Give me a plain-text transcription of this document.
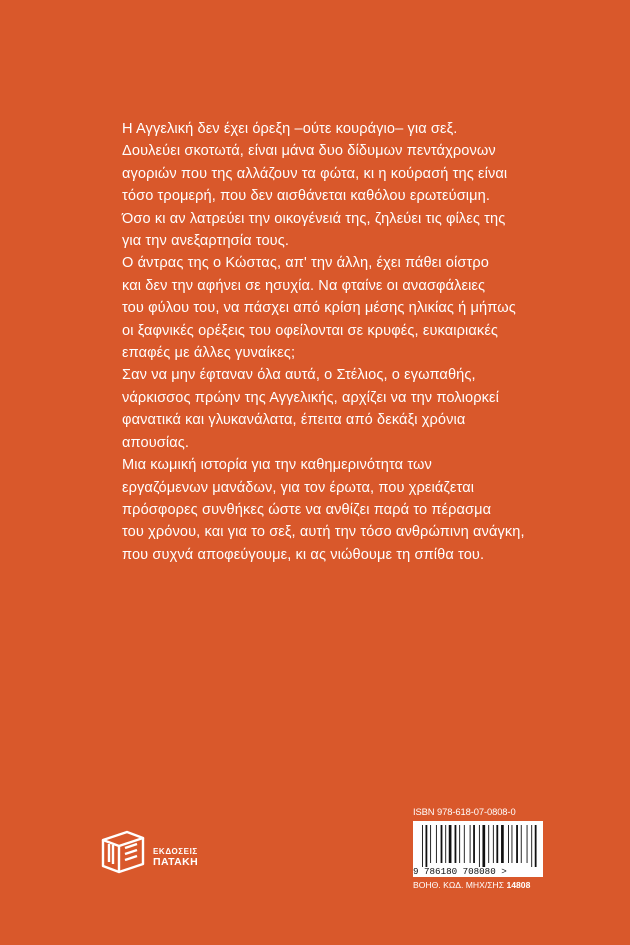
Η Αγγελική δεν έχει όρεξη –ούτε κουράγιο– για σεξ.
Δουλεύει σκοτωτά, είναι μάνα δυο δίδυμων πεντάχρονων
αγοριών που της αλλάζουν τα φώτα, κι η κούρασή της είναι
τόσο τρομερή, που δεν αισθάνεται καθόλου ερωτεύσιμη.
Όσο κι αν λατρεύει την οικογένειά της, ζηλεύει τις φίλες της
για την ανεξαρτησία τους.
Ο άντρας της ο Κώστας, απ' την άλλη, έχει πάθει οίστρο
και δεν την αφήνει σε ησυχία. Να φταίνε οι ανασφάλειες
του φύλου του, να πάσχει από κρίση μέσης ηλικίας ή μήπως
οι ξαφνικές ορέξεις του οφείλονται σε κρυφές, ευκαιριακές
επαφές με άλλες γυναίκες;
Σαν να μην έφταναν όλα αυτά, ο Στέλιος, ο εγωπαθής,
νάρκισσος πρώην της Αγγελικής, αρχίζει να την πολιορκεί
φανατικά και γλυκανάλατα, έπειτα από δεκάξι χρόνια
απουσίας.
Μια κωμική ιστορία για την καθημερινότητα των
εργαζόμενων μανάδων, για τον έρωτα, που χρειάζεται
πρόσφορες συνθήκες ώστε να ανθίζει παρά το πέρασμα
του χρόνου, και για το σεξ, αυτή την τόσο ανθρώπινη ανάγκη,
που συχνά αποφεύγουμε, κι ας νιώθουμε τη σπίθα του.
ΕΚΔΟΣΕΙΣ
ΠΑΤΑΚΗ
ISBN 978-618-07-0808-0
9 786180 708080 >
ΒΟΗΘ. ΚΩΔ. ΜΗΧ/ΣΗΣ 14808
